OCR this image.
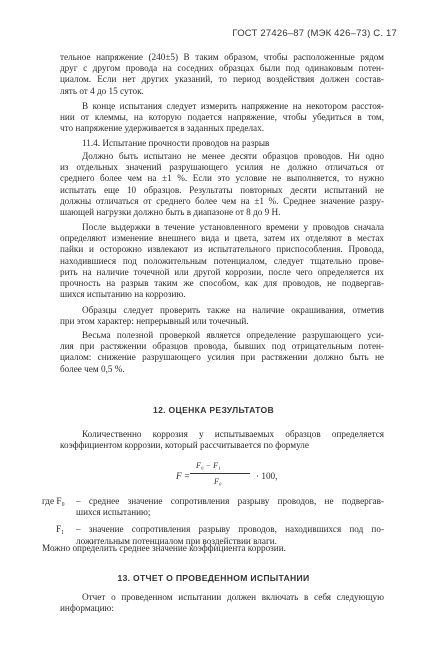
ГОСТ 27426–87 (МЭК 426–73) С. 17
тельное напряжение (240±5) В таким образом, чтобы расположенные рядом
друг с другом провода на соседних образцах были под одинаковым потен-
циалом. Если нет других указаний, то период воздействия должен состав-
лять от 4 до 15 суток.
В конце испытания следует измерить напряжение на некотором расстоя-
нии от клеммы, на которую подается напряжение, чтобы убедиться в том,
что напряжение удерживается в заданных пределах.
11.4. Испытание прочности проводов на разрыв
Должно быть испытано не менее десяти образцов проводов. Ни одно
из отдельных значений разрушающего усилия не должно отличаться от
среднего более чем на ±1 %. Если это условие не выполняется, то нужно
испытать еще 10 образцов. Результаты повторных десяти испытаний не
должны отличаться от среднего более чем на ±1 %. Среднее значение разру-
шающей нагрузки должно быть в диапазоне от 8 до 9 Н.
После выдержки в течение установленного времени у проводов сначала
определяют изменение внешнего вида и цвета, затем их отделяют в местах
пайки и осторожно извлекают из испытательного приспособления. Провода,
находившиеся под положительным потенциалом, следует тщательно прове-
рить на наличие точечной или другой коррозии, после чего определяется их
прочность на разрыв таким же способом, как для проводов, не подвергав-
шихся испытанию на коррозию.
Образцы следует проверить также на наличие окрашивания, отметив
при этом характер: непрерывный или точечный.
Весьма полезной проверкой является определение разрушающего уси-
лия при растяжении образцов провода, бывших под отрицательным потен-
циалом: снижение разрушающего усилия при растяжении должно быть не
более чем 0,5 %.
12. ОЦЕНКА РЕЗУЛЬТАТОВ
Количественно коррозия у испытываемых образцов определяется
коэффициентом коррозии, который рассчитывается по формуле
F =
F₀ − F₁
F₀
· 100,
где F₀ – среднее значение сопротивления разрыву проводов, не подвергав-
шихся испытанию;
F₁ – значение сопротивления разрыву проводов, находившихся под по-
ложительным потенциалом при воздействии влаги.
Можно определить среднее значение коэффициента коррозии.
13. ОТЧЕТ О ПРОВЕДЕННОМ ИСПЫТАНИИ
Отчет о проведенном испытании должен включать в себя следующую
информацию:
